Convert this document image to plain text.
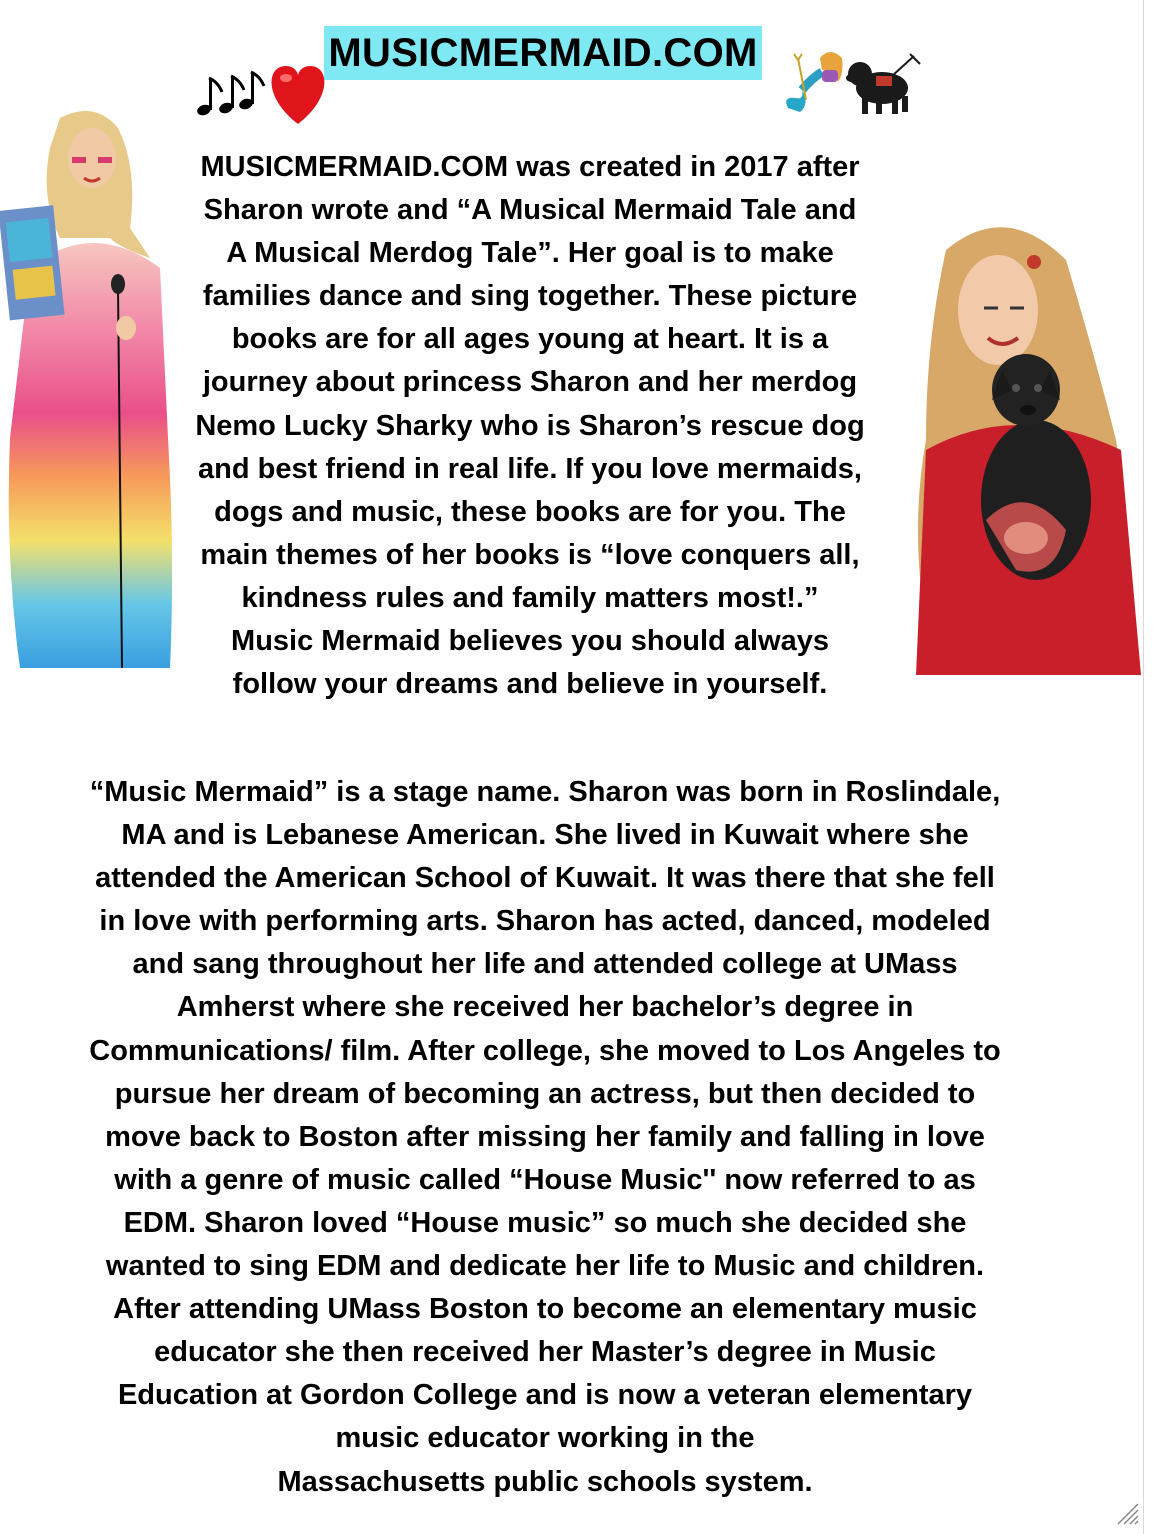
MUSICMERMAID.COM

MUSICMERMAID.COM was created in 2017 after
Sharon wrote and “A Musical Mermaid Tale and
A Musical Merdog Tale”. Her goal is to make
families dance and sing together. These picture
books are for all ages young at heart. It is a
journey about princess Sharon and her merdog
Nemo Lucky Sharky who is Sharon’s rescue dog
and best friend in real life. If you love mermaids,
dogs and music, these books are for you. The
main themes of her books is “love conquers all,
kindness rules and family matters most!.”
Music Mermaid believes you should always
follow your dreams and believe in yourself.

“Music Mermaid” is a stage name. Sharon was born in Roslindale,
MA and is Lebanese American. She lived in Kuwait where she
attended the American School of Kuwait. It was there that she fell
in love with performing arts. Sharon has acted, danced, modeled
and sang throughout her life and attended college at UMass
Amherst where she received her bachelor’s degree in
Communications/ film. After college, she moved to Los Angeles to
pursue her dream of becoming an actress, but then decided to
move back to Boston after missing her family and falling in love
with a genre of music called “House Music'' now referred to as
EDM. Sharon loved “House music” so much she decided she
wanted to sing EDM and dedicate her life to Music and children.
After attending UMass Boston to become an elementary music
educator she then received her Master’s degree in Music
Education at Gordon College and is now a veteran elementary
music educator working in the
Massachusetts public schools system.
